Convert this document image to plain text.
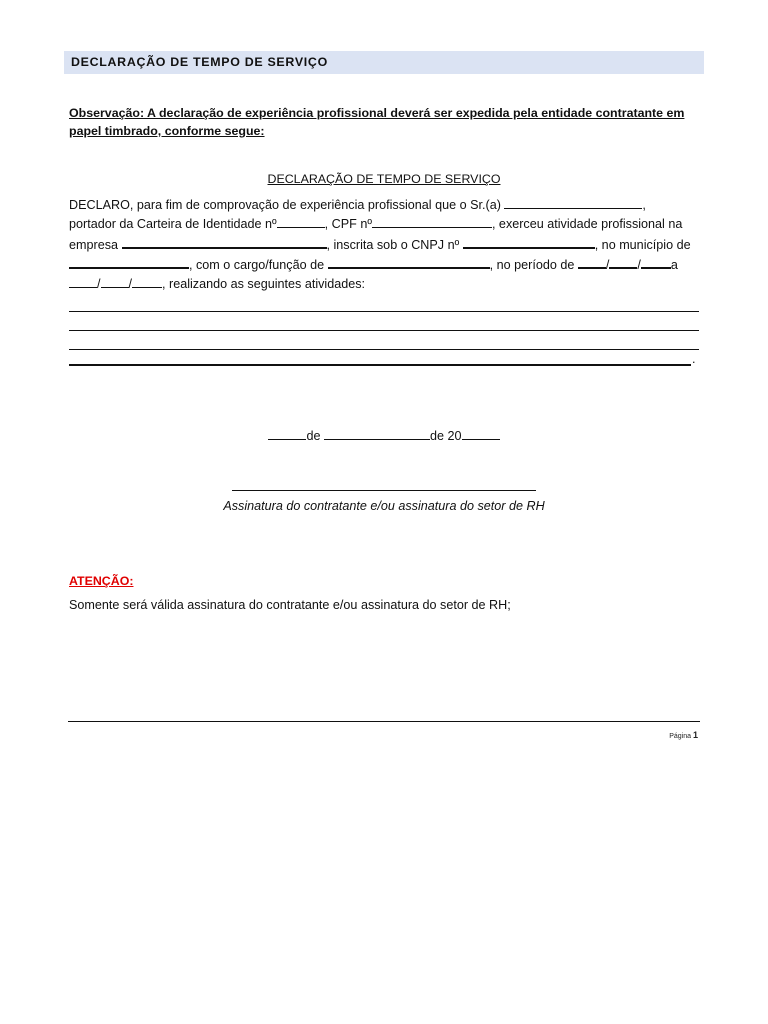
DECLARAÇÃO DE TEMPO DE SERVIÇO
Observação: A declaração de experiência profissional deverá ser expedida pela entidade contratante em papel timbrado, conforme segue:
DECLARAÇÃO DE TEMPO DE SERVIÇO
DECLARO, para fim de comprovação de experiência profissional que o Sr.(a)	,
portador da Carteira de Identidade nº	, CPF nº	, exerceu atividade profissional na
empresa	, inscrita sob o CNPJ nº	, no município de
, com o cargo/função de	, no período de / / a
/ / , realizando as seguintes atividades:
.
de	de 20
Assinatura do contratante e/ou assinatura do setor de RH
ATENÇÃO:
Somente será válida assinatura do contratante e/ou assinatura do setor de RH;
Página 1
